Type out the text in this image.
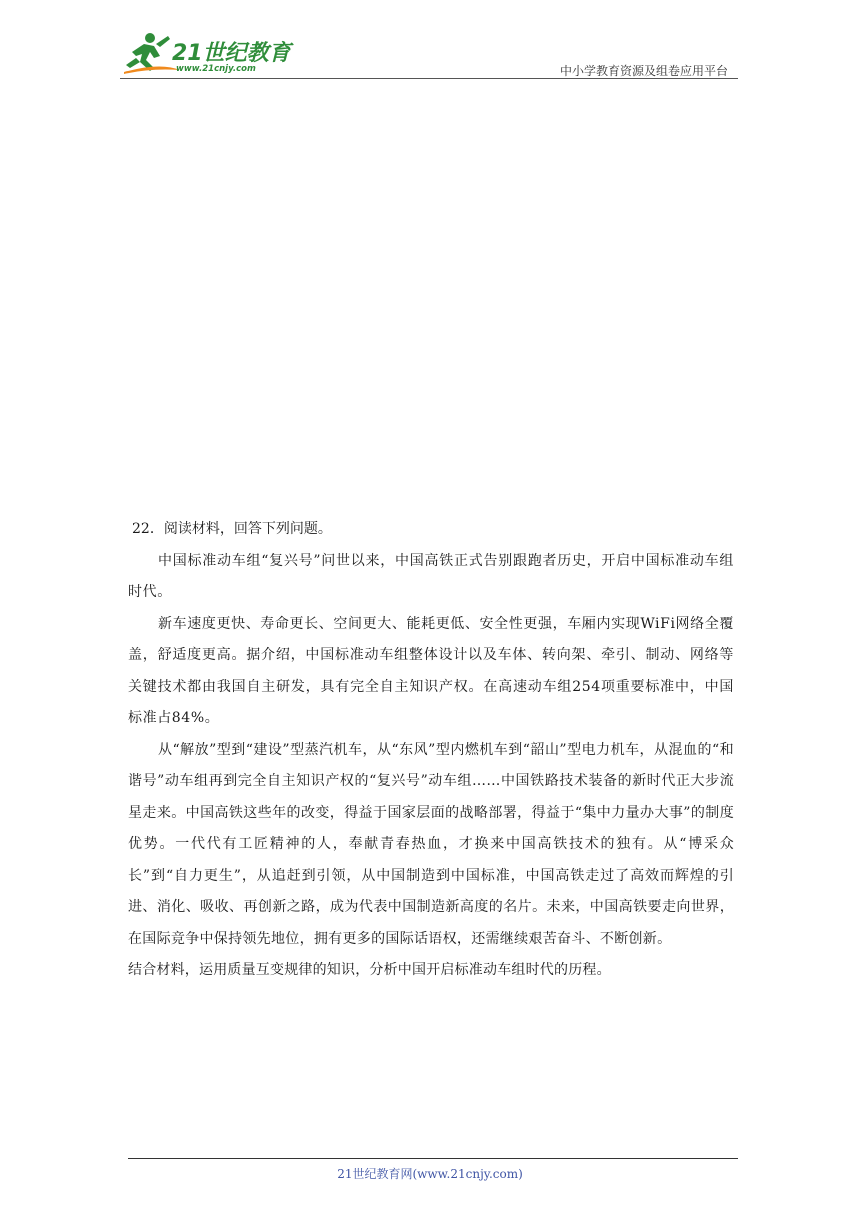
21世纪教育
www.21cnjy.com	中小学教育资源及组卷应用平台

22．阅读材料，回答下列问题。

中国标准动车组“复兴号”问世以来，中国高铁正式告别跟跑者历史，开启中国标准动车组时代。

新车速度更快、寿命更长、空间更大、能耗更低、安全性更强，车厢内实现WiFi网络全覆盖，舒适度更高。据介绍，中国标准动车组整体设计以及车体、转向架、牵引、制动、网络等关键技术都由我国自主研发，具有完全自主知识产权。在高速动车组254项重要标准中，中国标准占84%。

从“解放”型到“建设”型蒸汽机车，从“东风”型内燃机车到“韶山”型电力机车，从混血的“和谐号”动车组再到完全自主知识产权的“复兴号”动车组……中国铁路技术装备的新时代正大步流星走来。中国高铁这些年的改变，得益于国家层面的战略部署，得益于“集中力量办大事”的制度优势。一代代有工匠精神的人，奉献青春热血，才换来中国高铁技术的独有。从“博采众长”到“自力更生”，从追赶到引领，从中国制造到中国标准，中国高铁走过了高效而辉煌的引进、消化、吸收、再创新之路，成为代表中国制造新高度的名片。未来，中国高铁要走向世界，在国际竞争中保持领先地位，拥有更多的国际话语权，还需继续艰苦奋斗、不断创新。

结合材料，运用质量互变规律的知识，分析中国开启标准动车组时代的历程。

21世纪教育网(www.21cnjy.com)
